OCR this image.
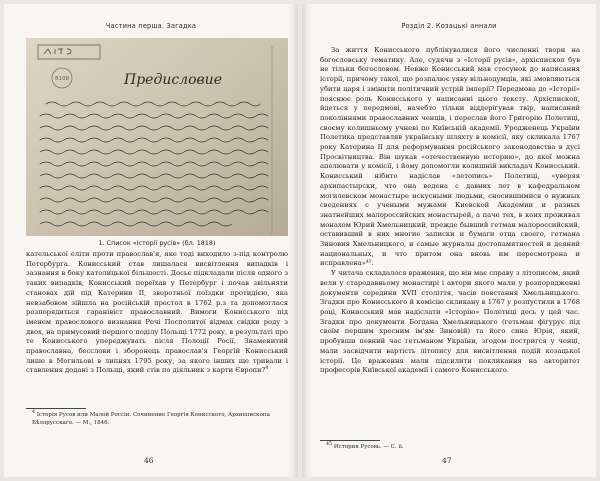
Частина перша. Загадка
8108	Предисловие
1. Список «Історії русів» (бл. 1818)

кательської еліти проти православ'я, яке тоді виходило з-під контролю Петербурга. Конисський став лишалася висвітлення випадків і зазнання в боку католицької більшості. Досьє підкладали після одного з таких випадків, Конисський переїхав у Петербург і почав звільняти становах дій під Катерини II, зворотньої поїздки протидією, яка невзабовом зійшла на російській престол в 1762 р.з та допомоглася розпорядиться гаранівіст православний. Вимоги Конисського під іменем правослового визнання Речі Посполитої відмах свідки роду з двох, на примусовий першого поділу Польщі 1772 року, в результаті про те Конисського упереджувать після Полоції Росії. Знаменитий православна, бесслови і зборонець православ'я Георгій Конисський лише в Могильові в липнях 1795 року, за якого інших ще тривали і ставлення додані з Польщі, який стів по діяльник з карти Європи?$^4$

$^4$ Історія Русов или Малой Россіи. Сочинение Георгія Конисского, Архиепископа Бѣлорусскаго. — М., 1846.
46
Розділ 2. Козацькі аннали

За життя Конисського публікувалися його численні твори на богословську тематику. Але, судячи з «Історії русів», архієпископ був не тільки богословом. Невже Конисський мав стосунок до написання історії, причому такої, що розпалює уяву вільнодумців, які змовляються убити царя і змінити політичний устрій імперії? Передмова до «Історії» пояснює роль Конисського у написанні цього тексту. Архієпископ, йдеться у передмові, начебто тільки віддерігував твір, написаний поколіннями православних ченців, і переслав його Григорію Полетиці, своєму колишньому учневі по Київській академії. Уродженець України Полетика представляв українську шляхту в комісії, яку скликала 1767 року Катерина II для реформування російського законодавства в дусі Просвітництва. Він шукав «отечественную историю», до якої можна апелювати у комісії, і йому допомогли колишній викладач Конисський. Конисський нібито надіслав «летопись» Полетиці, «уверяя архипастырски, что она ведена с давних лет в кафедральном могилевском монастыре искусными людьми, сносившимися о нужных сведениях с учеными мужами Киевской Академии и разных знатнейших малороссийских монастырей, а паче тех, в коих проживал монахом Юрий Хмельницкий, прежде бывший гетман малороссийский, оставивший в них многие записки и бумаги отца своего, гетмана Зиновия Хмельницкого, и самые журналы достопамятностей и деяний национальных, и что притом она вновь им пересмотрена и исправлена»⁴⁵.

У читача складалося враження, що він має справу з літописом, який вели у стародавньому монастирі і автори якого мали у розпорядженні документи середини XVII століття, часів повстання Хмельницького. Згадки про Конисського й комісію скликану в 1767 у розпустили в 1768 році, Конисський мав надіслати «Історію» Полетиці десь у цей час. Згадки про документи Богдана Хмельницького (гетьман фігурує під своїм першим хресним ім'ям Зиновій) та його сина Юрія, який, пробувши певний час гетьманом України, згодом постригся у ченці, мали засвідчити вартість літопису для висвітлення подій козацької історії. Це враження мали підсилити покликання на авторитет професорів Київської академії і самого Конисського.

$^{45}$ История Русовь. — С. ii.
47
